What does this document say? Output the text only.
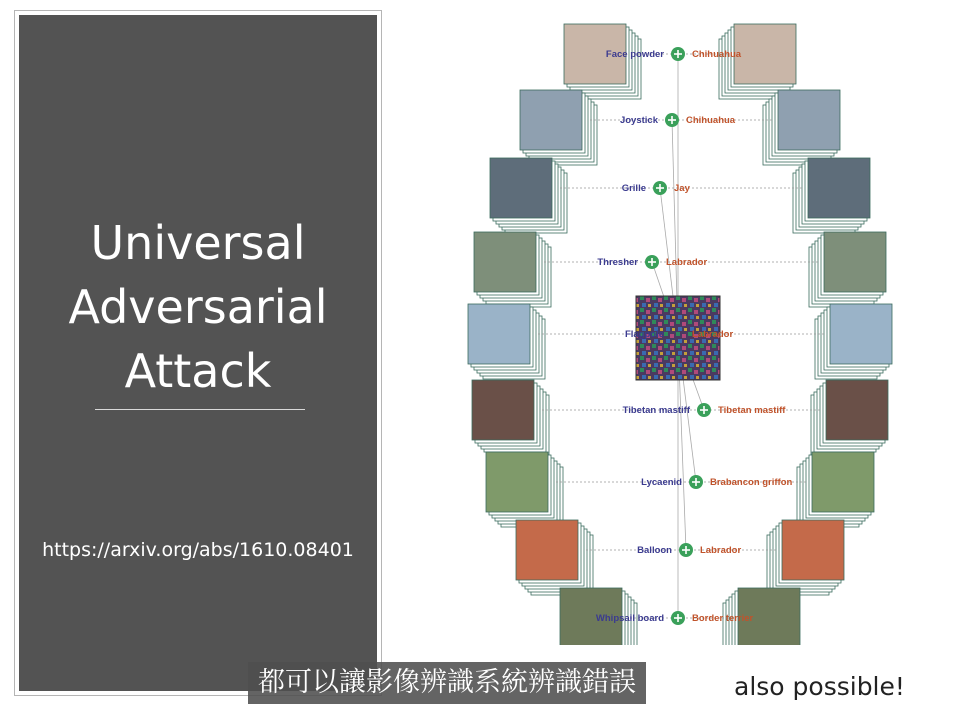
Universal
Adversarial
Attack
https://arxiv.org/abs/1610.08401
Face powder	Chihuahua
Joystick	Chihuahua
Grille	Jay
Thresher	Labrador
Flagpole	Labrador
Tibetan mastiff	Tibetan mastiff
Lycaenid	Brabancon griffon
Balloon	Labrador
Whipsail board	Border terrier
都可以讓影像辨識系統辨識錯誤	also possible!
